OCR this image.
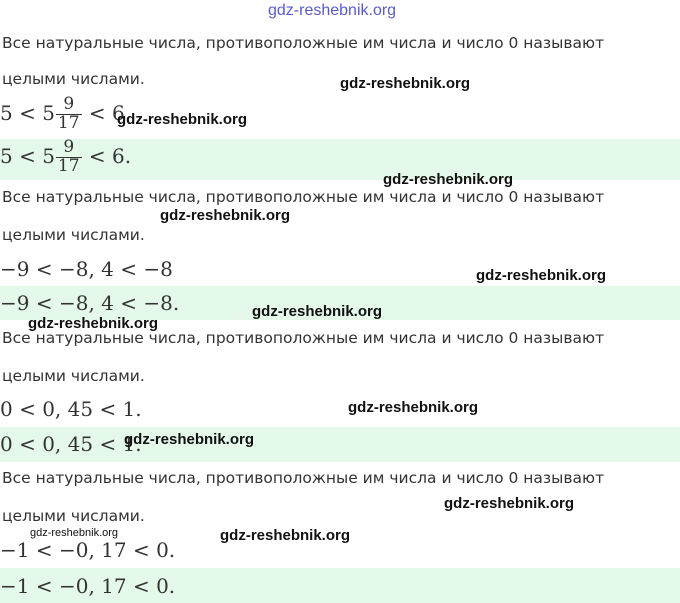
gdz-reshebnik.org
Все натуральные числа, противоположные им числа и число 0 называют
целыми числами.	gdz-reshebnik.org
$5 < 5 \frac{9}{17} < 6$
gdz-reshebnik.org
$5 < 5 \frac{9}{17} < 6$.
gdz-reshebnik.org
Все натуральные числа, противоположные им числа и число 0 называют
gdz-reshebnik.org
целыми числами.
−9 < −8, 4 < −8	gdz-reshebnik.org
−9 < −8, 4 < −8.	gdz-reshebnik.org
gdz-reshebnik.org
Все натуральные числа, противоположные им числа и число 0 называют
целыми числами.
0 < 0, 45 < 1.	gdz-reshebnik.org
0 < 0, 45 < 1.
gdz-reshebnik.org
Все натуральные числа, противоположные им числа и число 0 называют
gdz-reshebnik.org
целыми числами.
gdz-reshebnik.org	gdz-reshebnik.org
−1 < −0, 17 < 0.
−1 < −0, 17 < 0.
